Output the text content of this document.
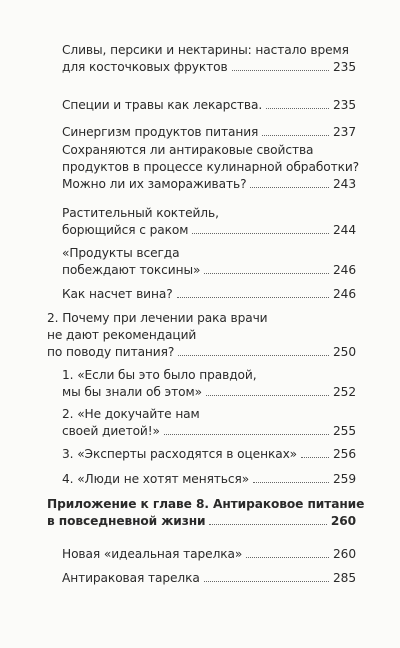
Сливы, персики и нектарины: настало время
для косточковых фруктов	235
Специи и травы как лекарства.	235
Синергизм продуктов питания	237
Сохраняются ли антираковые свойства
продуктов в процессе кулинарной обработки?
Можно ли их замораживать?	243
Растительный коктейль,
борющийся с раком	244
«Продукты всегда
побеждают токсины»	246
Как насчет вина?	246
2. Почему при лечении рака врачи
не дают рекомендаций
по поводу питания?	250
1. «Если бы это было правдой,
мы бы знали об этом»	252
2. «Не докучайте нам
своей диетой!»	255
3. «Эксперты расходятся в оценках»	256
4. «Люди не хотят меняться»	259
Приложение к главе 8. Антираковое питание
в повседневной жизни	260
Новая «идеальная тарелка»	260
Антираковая тарелка	285
